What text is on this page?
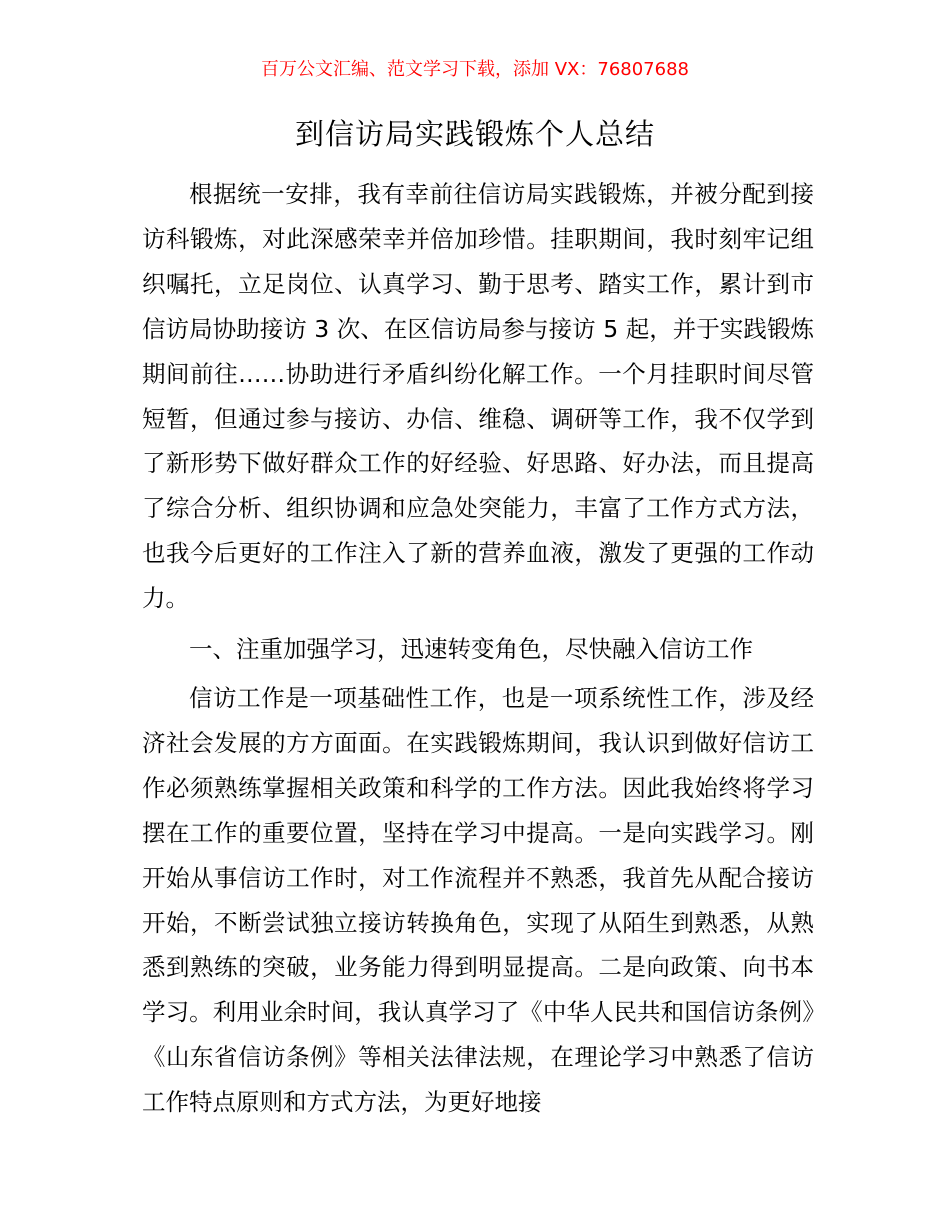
百万公文汇编、范文学习下载，添加 VX：76807688
到信访局实践锻炼个人总结

根据统一安排，我有幸前往信访局实践锻炼，并被分配到接访科锻炼，对此深感荣幸并倍加珍惜。挂职期间，我时刻牢记组织嘱托，立足岗位、认真学习、勤于思考、踏实工作，累计到市信访局协助接访 3 次、在区信访局参与接访 5 起，并于实践锻炼期间前往……协助进行矛盾纠纷化解工作。一个月挂职时间尽管短暂，但通过参与接访、办信、维稳、调研等工作，我不仅学到了新形势下做好群众工作的好经验、好思路、好办法，而且提高了综合分析、组织协调和应急处突能力，丰富了工作方式方法，也我今后更好的工作注入了新的营养血液，激发了更强的工作动力。

一、注重加强学习，迅速转变角色，尽快融入信访工作

信访工作是一项基础性工作，也是一项系统性工作，涉及经济社会发展的方方面面。在实践锻炼期间，我认识到做好信访工作必须熟练掌握相关政策和科学的工作方法。因此我始终将学习摆在工作的重要位置，坚持在学习中提高。一是向实践学习。刚开始从事信访工作时，对工作流程并不熟悉，我首先从配合接访开始，不断尝试独立接访转换角色，实现了从陌生到熟悉，从熟悉到熟练的突破，业务能力得到明显提高。二是向政策、向书本学习。利用业余时间，我认真学习了《中华人民共和国信访条例》《山东省信访条例》等相关法律法规，在理论学习中熟悉了信访工作特点原则和方式方法，为更好地接
